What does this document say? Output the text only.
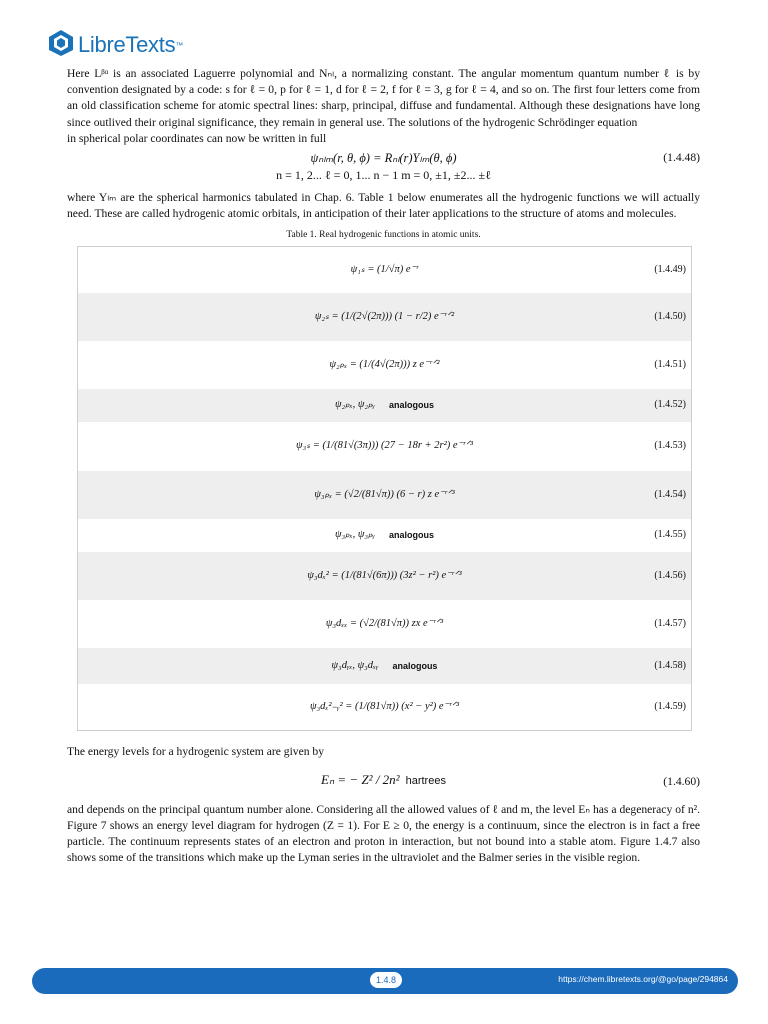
LibreTexts ™

Here Lᵝᵅ is an associated Laguerre polynomial and Nₙₗ, a normalizing constant. The angular momentum quantum number ℓ is by convention designated by a code: s for ℓ = 0, p for ℓ = 1, d for ℓ = 2, f for ℓ = 3, g for ℓ = 4, and so on. The first four letters come from an old classification scheme for atomic spectral lines: sharp, principal, diffuse and fundamental. Although these designations have long since outlived their original significance, they remain in general use. The solutions of the hydrogenic Schrödinger equation

in spherical polar coordinates can now be written in full

ψₙₗₘ(r, θ, ϕ) = Rₙₗ(r)Yₗₘ(θ, ϕ)
n = 1, 2... ℓ = 0, 1... n − 1 m = 0, ±1, ±2... ±ℓ
(1.4.48)

where Yₗₘ are the spherical harmonics tabulated in Chap. 6. Table 1 below enumerates all the hydrogenic functions we will actually need. These are called hydrogenic atomic orbitals, in anticipation of their later applications to the structure of atoms and molecules.

Table 1. Real hydrogenic functions in atomic units.
ψ₁ₛ = (1/√π) e⁻ʳ	(1.4.49)
ψ₂ₛ = (1/(2√(2π))) (1 − r/2) e⁻ʳᐟ²	(1.4.50)
ψ₂ₚₓ = (1/(4√(2π))) z e⁻ʳᐟ²	(1.4.51)
ψ₂ₚₓ, ψ₂ₚᵧ analogous	(1.4.52)
ψ₃ₛ = (1/(81√(3π))) (27 − 18r + 2r²) e⁻ʳᐟ³	(1.4.53)
ψ₃ₚₓ = (√2/(81√π)) (6 − r) z e⁻ʳᐟ³	(1.4.54)
ψ₃ₚₓ, ψ₃ₚᵧ analogous	(1.4.55)
ψ₃dₓ² = (1/(81√(6π))) (3z² − r²) e⁻ʳᐟ³	(1.4.56)
ψ₃dₓₓ = (√2/(81√π)) zx e⁻ʳᐟ³	(1.4.57)
ψ₃dᵧₓ, ψ₃dₓᵧ analogous	(1.4.58)
ψ₃dₓ²₋ᵧ² = (1/(81√π)) (x² − y²) e⁻ʳᐟ³	(1.4.59)

The energy levels for a hydrogenic system are given by

Eₙ = − Z² / 2n² hartrees	(1.4.60)

and depends on the principal quantum number alone. Considering all the allowed values of ℓ and m, the level Eₙ has a degeneracy of n². Figure 7 shows an energy level diagram for hydrogen (Z = 1). For E ≥ 0, the energy is a continuum, since the electron is in fact a free particle. The continuum represents states of an electron and proton in interaction, but not bound into a stable atom. Figure 1.4.7 also shows some of the transitions which make up the Lyman series in the ultraviolet and the Balmer series in the visible region.

1.4.8	https://chem.libretexts.org/@go/page/294864
